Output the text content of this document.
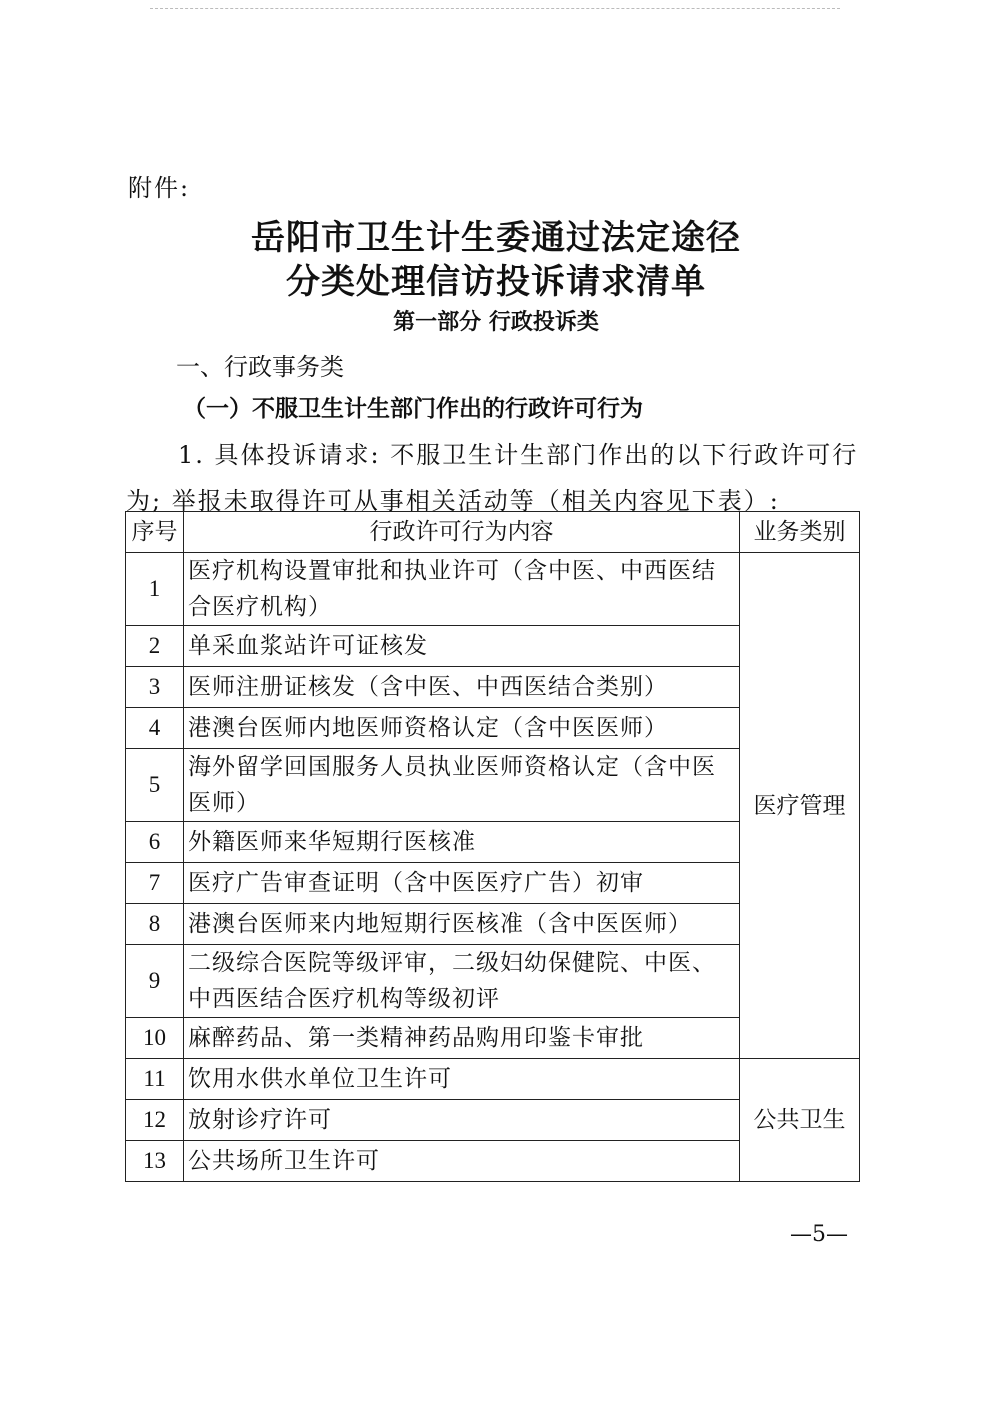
附件:
岳阳市卫生计生委通过法定途径
分类处理信访投诉请求清单
第一部分 行政投诉类
一、行政事务类
（一）不服卫生计生部门作出的行政许可行为
1. 具体投诉请求: 不服卫生计生部门作出的以下行政许可行为; 举报未取得许可从事相关活动等（相关内容见下表）:
序号	行政许可行为内容	业务类别
1	医疗机构设置审批和执业许可（含中医、中西医结合医疗机构）	医疗管理
2	单采血浆站许可证核发	
3	医师注册证核发（含中医、中西医结合类别）	
4	港澳台医师内地医师资格认定（含中医医师）	
5	海外留学回国服务人员执业医师资格认定（含中医医师）	
6	外籍医师来华短期行医核准	
7	医疗广告审查证明（含中医医疗广告）初审	
8	港澳台医师来内地短期行医核准（含中医医师）	
9	二级综合医院等级评审，二级妇幼保健院、中医、中西医结合医疗机构等级初评	
10	麻醉药品、第一类精神药品购用印鉴卡审批	
11	饮用水供水单位卫生许可	公共卫生
12	放射诊疗许可	
13	公共场所卫生许可	
—5—
